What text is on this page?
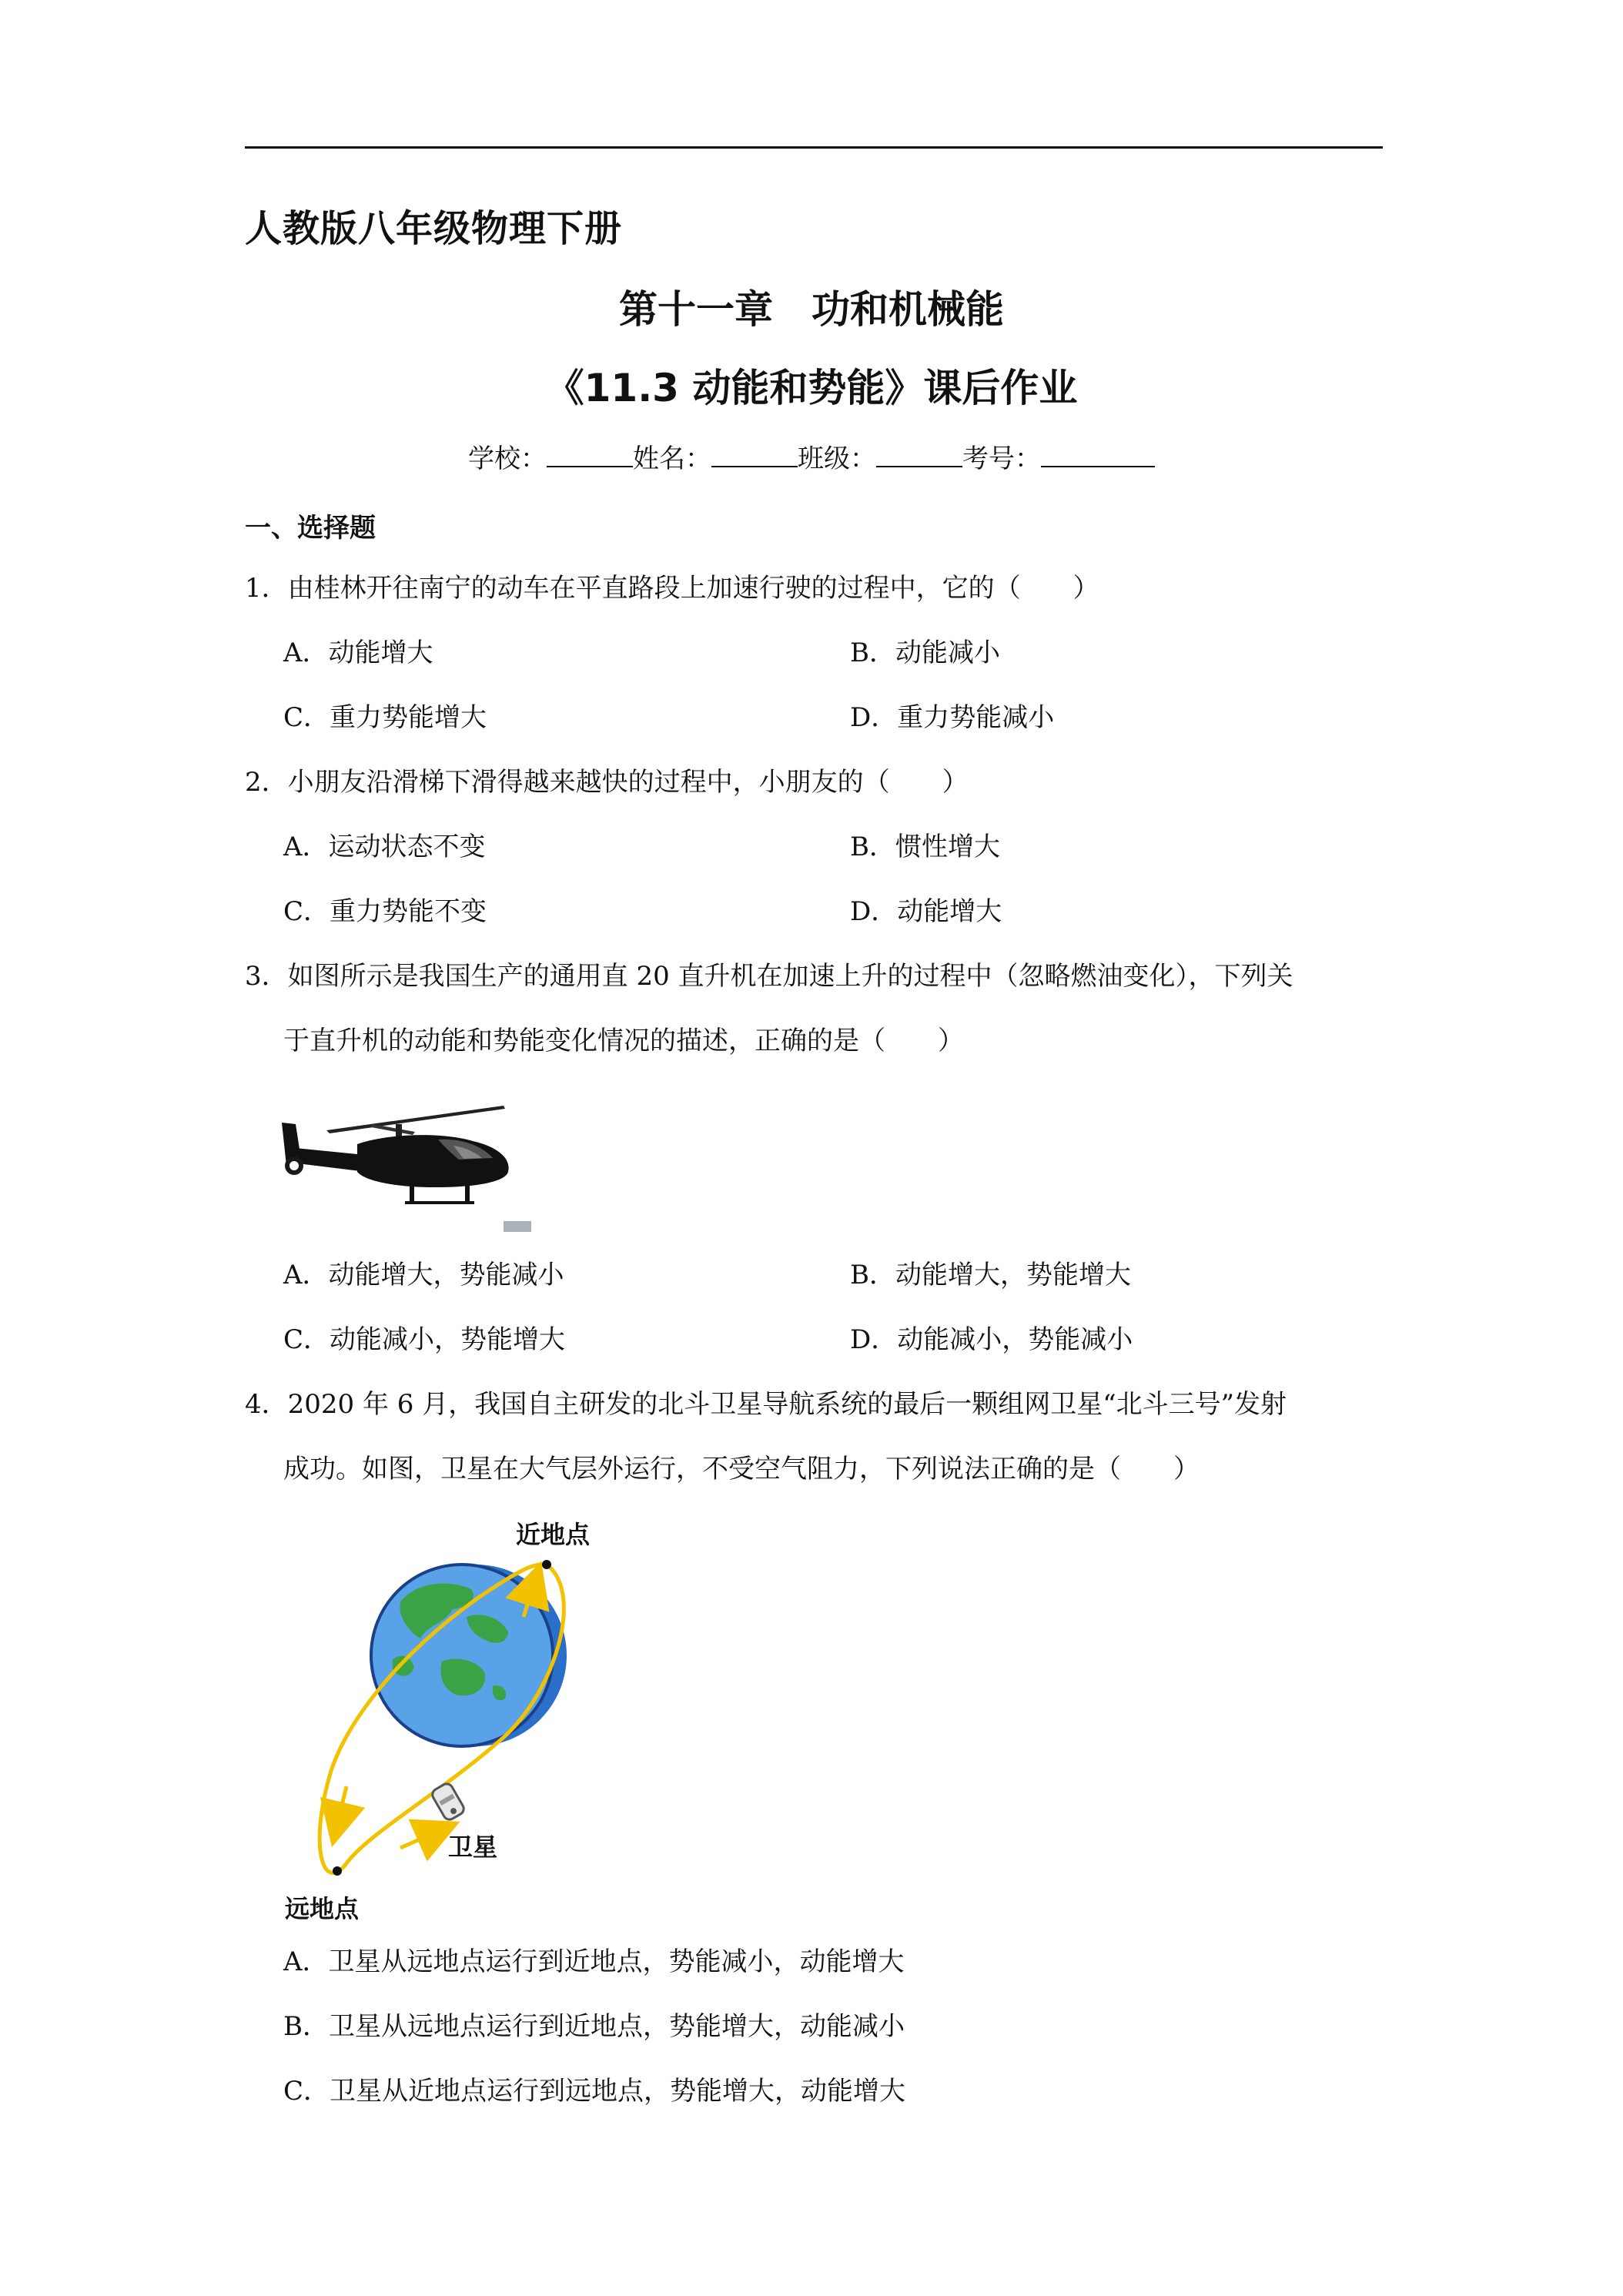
人教版八年级物理下册
第十一章　功和机械能
《11.3 动能和势能》课后作业
学校：	姓名：	班级：	考号：
一、选择题
1．由桂林开往南宁的动车在平直路段上加速行驶的过程中，它的（　　）
A．动能增大	B．动能减小
C．重力势能增大	D．重力势能减小
2．小朋友沿滑梯下滑得越来越快的过程中，小朋友的（　　）
A．运动状态不变	B．惯性增大
C．重力势能不变	D．动能增大
3．如图所示是我国生产的通用直 20 直升机在加速上升的过程中（忽略燃油变化），下列关
于直升机的动能和势能变化情况的描述，正确的是（　　）
A．动能增大，势能减小	B．动能增大，势能增大
C．动能减小，势能增大	D．动能减小，势能减小
4．2020 年 6 月，我国自主研发的北斗卫星导航系统的最后一颗组网卫星“北斗三号”发射
成功。如图，卫星在大气层外运行，不受空气阻力，下列说法正确的是（　　）
近地点
卫星
远地点
A．卫星从远地点运行到近地点，势能减小，动能增大
B．卫星从远地点运行到近地点，势能增大，动能减小
C．卫星从近地点运行到远地点，势能增大，动能增大
